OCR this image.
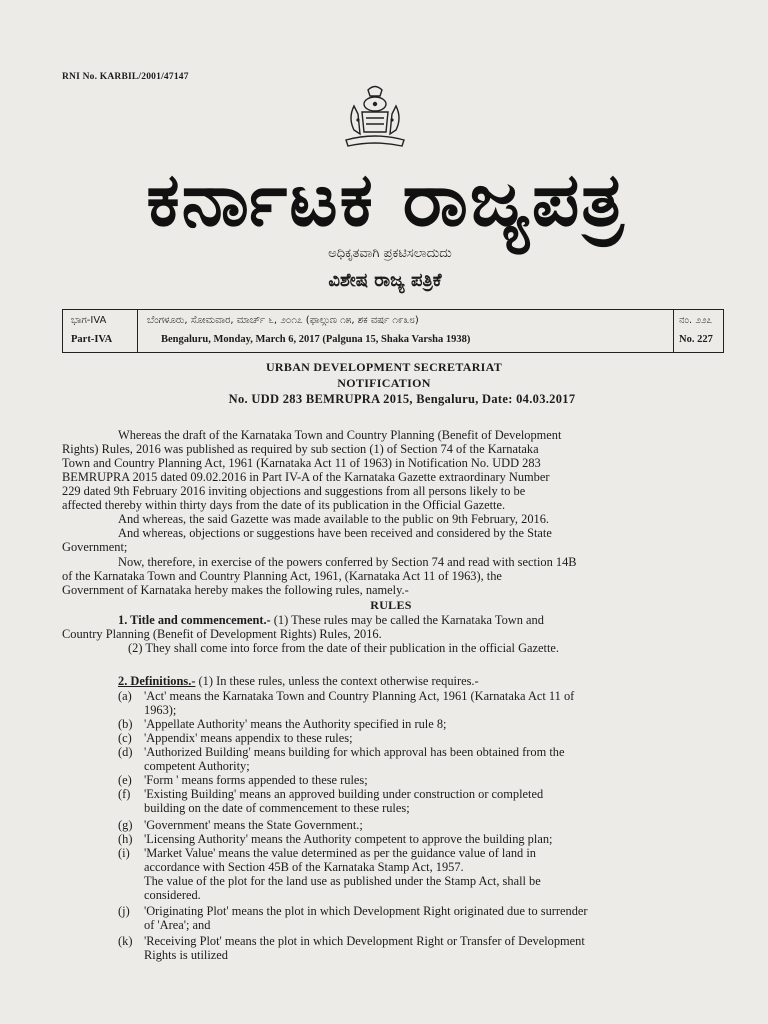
RNI No. KARBIL/2001/47147
ಕರ್ನಾಟಕ ರಾಜ್ಯಪತ್ರ
ಅಧಿಕೃತವಾಗಿ ಪ್ರಕಟಿಸಲಾದುದು
ವಿಶೇಷ ರಾಜ್ಯ ಪತ್ರಿಕೆ
ಭಾಗ-IVA
Part-IVA
ಬೆಂಗಳೂರು, ಸೋಮವಾರ, ಮಾರ್ಚ್ ೬, ೨೦೧೭ (ಫಾಲ್ಗುಣ ೧೫, ಶಕ ವರ್ಷ ೧೯೩೮)
Bengaluru, Monday, March 6, 2017 (Palguna 15, Shaka Varsha 1938)
ನಂ. ೨೨೭
No. 227
URBAN DEVELOPMENT SECRETARIAT
NOTIFICATION
No. UDD 283 BEMRUPRA 2015, Bengaluru, Date: 04.03.2017
Whereas the draft of the Karnataka Town and Country Planning (Benefit of Development
Rights) Rules, 2016 was published as required by sub section (1) of Section 74 of the Karnataka
Town and Country Planning Act, 1961 (Karnataka Act 11 of 1963) in Notification No. UDD 283
BEMRUPRA 2015 dated 09.02.2016 in Part IV-A of the Karnataka Gazette extraordinary Number
229 dated 9th February 2016 inviting objections and suggestions from all persons likely to be
affected thereby within thirty days from the date of its publication in the Official Gazette.
And whereas, the said Gazette was made available to the public on 9th February, 2016.
And whereas, objections or suggestions have been received and considered by the State
Government;
Now, therefore, in exercise of the powers conferred by Section 74 and read with section 14B
of the Karnataka Town and Country Planning Act, 1961, (Karnataka Act 11 of 1963), the
Government of Karnataka hereby makes the following rules, namely.-
RULES
1. Title and commencement.- (1) These rules may be called the Karnataka Town and
Country Planning (Benefit of Development Rights) Rules, 2016.
(2) They shall come into force from the date of their publication in the official Gazette.
2. Definitions.- (1) In these rules, unless the context otherwise requires.-
(a) 'Act' means the Karnataka Town and Country Planning Act, 1961 (Karnataka Act 11 of
1963);
(b) 'Appellate Authority' means the Authority specified in rule 8;
(c) 'Appendix' means appendix to these rules;
(d) 'Authorized Building' means building for which approval has been obtained from the
competent Authority;
(e) 'Form ' means forms appended to these rules;
(f) 'Existing Building' means an approved building under construction or completed
building on the date of commencement to these rules;
(g) 'Government' means the State Government.;
(h) 'Licensing Authority' means the Authority competent to approve the building plan;
(i) 'Market Value' means the value determined as per the guidance value of land in
accordance with Section 45B of the Karnataka Stamp Act, 1957.
The value of the plot for the land use as published under the Stamp Act, shall be
considered.
(j) 'Originating Plot' means the plot in which Development Right originated due to surrender
of 'Area'; and
(k) 'Receiving Plot' means the plot in which Development Right or Transfer of Development
Rights is utilized
